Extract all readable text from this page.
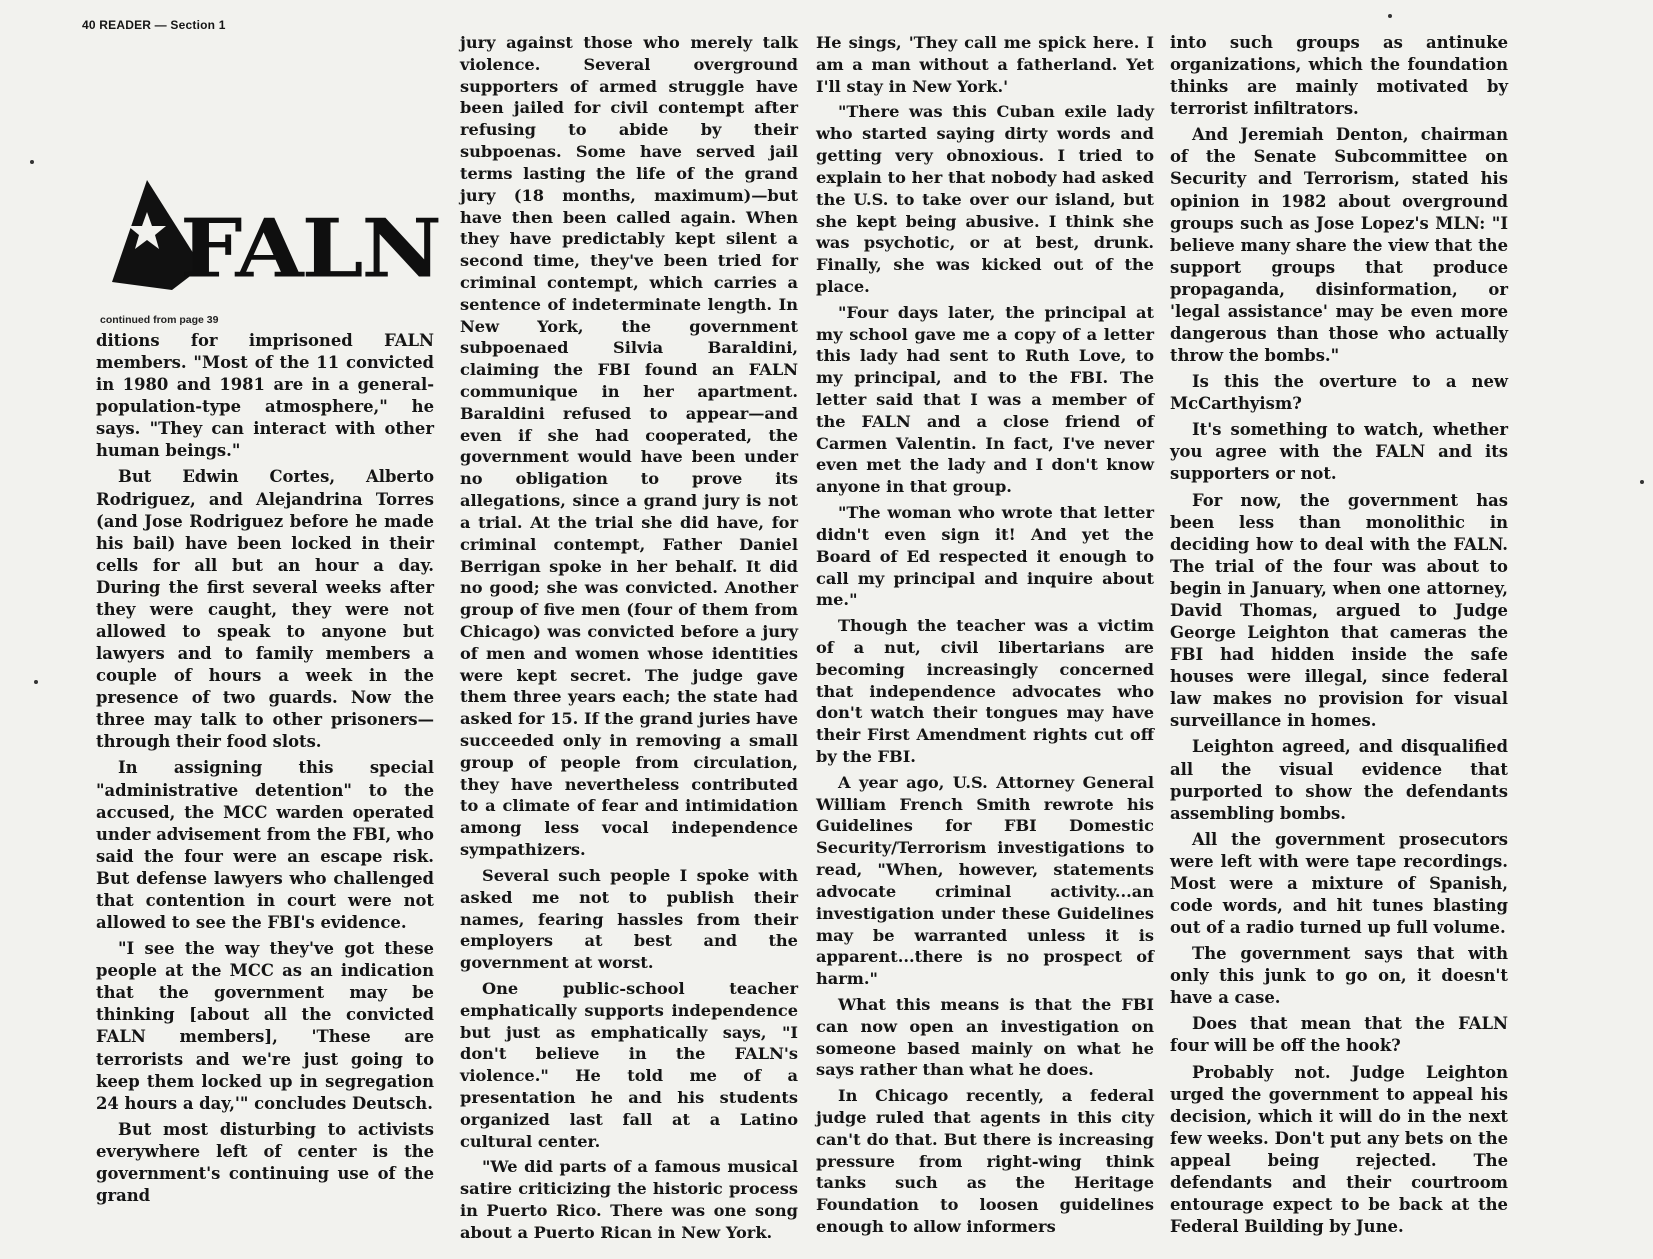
40 READER — Section 1
FALN
continued from page 39

ditions for imprisoned FALN members. "Most of the 11 convicted in 1980 and 1981 are in a general-population-type atmosphere," he says. "They can interact with other human beings."

But Edwin Cortes, Alberto Rodriguez, and Alejandrina Torres (and Jose Rodriguez before he made his bail) have been locked in their cells for all but an hour a day. During the first several weeks after they were caught, they were not allowed to speak to anyone but lawyers and to family members a couple of hours a week in the presence of two guards. Now the three may talk to other prisoners—through their food slots.

In assigning this special "administrative detention" to the accused, the MCC warden operated under advisement from the FBI, who said the four were an escape risk. But defense lawyers who challenged that contention in court were not allowed to see the FBI's evidence.

"I see the way they've got these people at the MCC as an indication that the government may be thinking [about all the convicted FALN members], 'These are terrorists and we're just going to keep them locked up in segregation 24 hours a day,'" concludes Deutsch.

But most disturbing to activists everywhere left of center is the government's continuing use of the grand

jury against those who merely talk violence. Several overground supporters of armed struggle have been jailed for civil contempt after refusing to abide by their subpoenas. Some have served jail terms lasting the life of the grand jury (18 months, maximum)—but have then been called again. When they have predictably kept silent a second time, they've been tried for criminal contempt, which carries a sentence of indeterminate length. In New York, the government subpoenaed Silvia Baraldini, claiming the FBI found an FALN communique in her apartment. Baraldini refused to appear—and even if she had cooperated, the government would have been under no obligation to prove its allegations, since a grand jury is not a trial. At the trial she did have, for criminal contempt, Father Daniel Berrigan spoke in her behalf. It did no good; she was convicted. Another group of five men (four of them from Chicago) was convicted before a jury of men and women whose identities were kept secret. The judge gave them three years each; the state had asked for 15. If the grand juries have succeeded only in removing a small group of people from circulation, they have nevertheless contributed to a climate of fear and intimidation among less vocal independence sympathizers.

Several such people I spoke with asked me not to publish their names, fearing hassles from their employers at best and the government at worst.

One public-school teacher emphatically supports independence but just as emphatically says, "I don't believe in the FALN's violence." He told me of a presentation he and his students organized last fall at a Latino cultural center.

"We did parts of a famous musical satire criticizing the historic process in Puerto Rico. There was one song about a Puerto Rican in New York.

He sings, 'They call me spick here. I am a man without a fatherland. Yet I'll stay in New York.'

"There was this Cuban exile lady who started saying dirty words and getting very obnoxious. I tried to explain to her that nobody had asked the U.S. to take over our island, but she kept being abusive. I think she was psychotic, or at best, drunk. Finally, she was kicked out of the place.

"Four days later, the principal at my school gave me a copy of a letter this lady had sent to Ruth Love, to my principal, and to the FBI. The letter said that I was a member of the FALN and a close friend of Carmen Valentin. In fact, I've never even met the lady and I don't know anyone in that group.

"The woman who wrote that letter didn't even sign it! And yet the Board of Ed respected it enough to call my principal and inquire about me."

Though the teacher was a victim of a nut, civil libertarians are becoming increasingly concerned that independence advocates who don't watch their tongues may have their First Amendment rights cut off by the FBI.

A year ago, U.S. Attorney General William French Smith rewrote his Guidelines for FBI Domestic Security/Terrorism investigations to read, "When, however, statements advocate criminal activity...an investigation under these Guidelines may be warranted unless it is apparent...there is no prospect of harm."

What this means is that the FBI can now open an investigation on someone based mainly on what he says rather than what he does.

In Chicago recently, a federal judge ruled that agents in this city can't do that. But there is increasing pressure from right-wing think tanks such as the Heritage Foundation to loosen guidelines enough to allow informers

into such groups as antinuke organizations, which the foundation thinks are mainly motivated by terrorist infiltrators.

And Jeremiah Denton, chairman of the Senate Subcommittee on Security and Terrorism, stated his opinion in 1982 about overground groups such as Jose Lopez's MLN: "I believe many share the view that the support groups that produce propaganda, disinformation, or 'legal assistance' may be even more dangerous than those who actually throw the bombs."

Is this the overture to a new McCarthyism?

It's something to watch, whether you agree with the FALN and its supporters or not.

For now, the government has been less than monolithic in deciding how to deal with the FALN. The trial of the four was about to begin in January, when one attorney, David Thomas, argued to Judge George Leighton that cameras the FBI had hidden inside the safe houses were illegal, since federal law makes no provision for visual surveillance in homes.

Leighton agreed, and disqualified all the visual evidence that purported to show the defendants assembling bombs.

All the government prosecutors were left with were tape recordings. Most were a mixture of Spanish, code words, and hit tunes blasting out of a radio turned up full volume.

The government says that with only this junk to go on, it doesn't have a case.

Does that mean that the FALN four will be off the hook?

Probably not. Judge Leighton urged the government to appeal his decision, which it will do in the next few weeks. Don't put any bets on the appeal being rejected. The defendants and their courtroom entourage expect to be back at the Federal Building by June.
